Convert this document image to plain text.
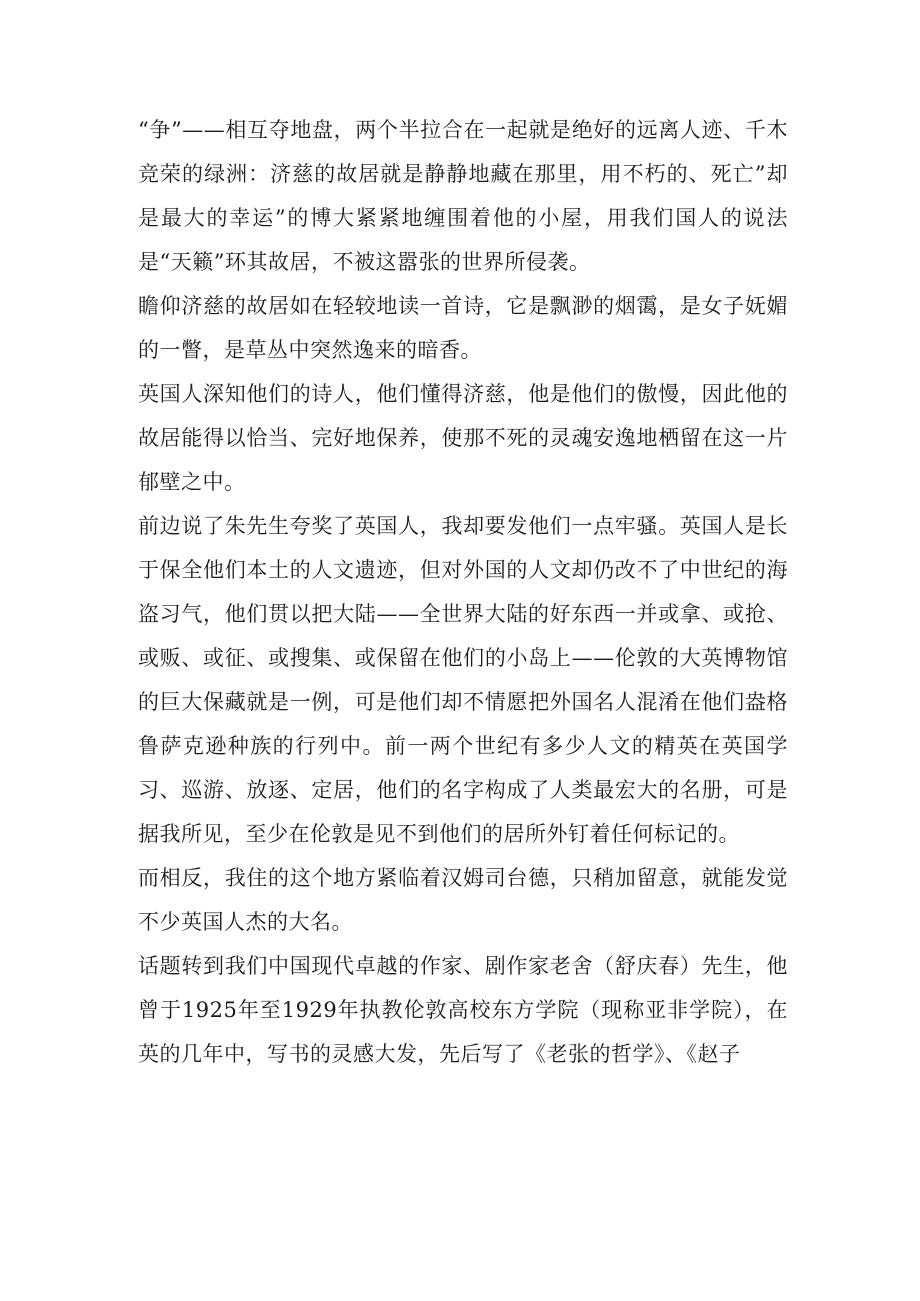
“争”——相互夺地盘，两个半拉合在一起就是绝好的远离人迹、千木竞荣的绿洲：济慈的故居就是静静地藏在那里，用不朽的、死亡”却是最大的幸运”的博大紧紧地缠围着他的小屋，用我们国人的说法是“天籁”环其故居，不被这嚣张的世界所侵袭。

瞻仰济慈的故居如在轻较地读一首诗，它是飘渺的烟霭，是女子妩媚的一瞥，是草丛中突然逸来的暗香。

英国人深知他们的诗人，他们懂得济慈，他是他们的傲慢，因此他的故居能得以恰当、完好地保养，使那不死的灵魂安逸地栖留在这一片郁壁之中。

前边说了朱先生夸奖了英国人，我却要发他们一点牢骚。英国人是长于保全他们本土的人文遗迹，但对外国的人文却仍改不了中世纪的海盗习气，他们贯以把大陆——全世界大陆的好东西一并或拿、或抢、或贩、或征、或搜集、或保留在他们的小岛上——伦敦的大英博物馆的巨大保藏就是一例，可是他们却不情愿把外国名人混淆在他们盎格鲁萨克逊种族的行列中。前一两个世纪有多少人文的精英在英国学习、巡游、放逐、定居，他们的名字构成了人类最宏大的名册，可是据我所见，至少在伦敦是见不到他们的居所外钉着任何标记的。

而相反，我住的这个地方紧临着汉姆司台德，只稍加留意，就能发觉不少英国人杰的大名。

话题转到我们中国现代卓越的作家、剧作家老舍（舒庆春）先生，他曾于1925年至1929年执教伦敦高校东方学院（现称亚非学院），在英的几年中，写书的灵感大发，先后写了《老张的哲学》、《赵子
